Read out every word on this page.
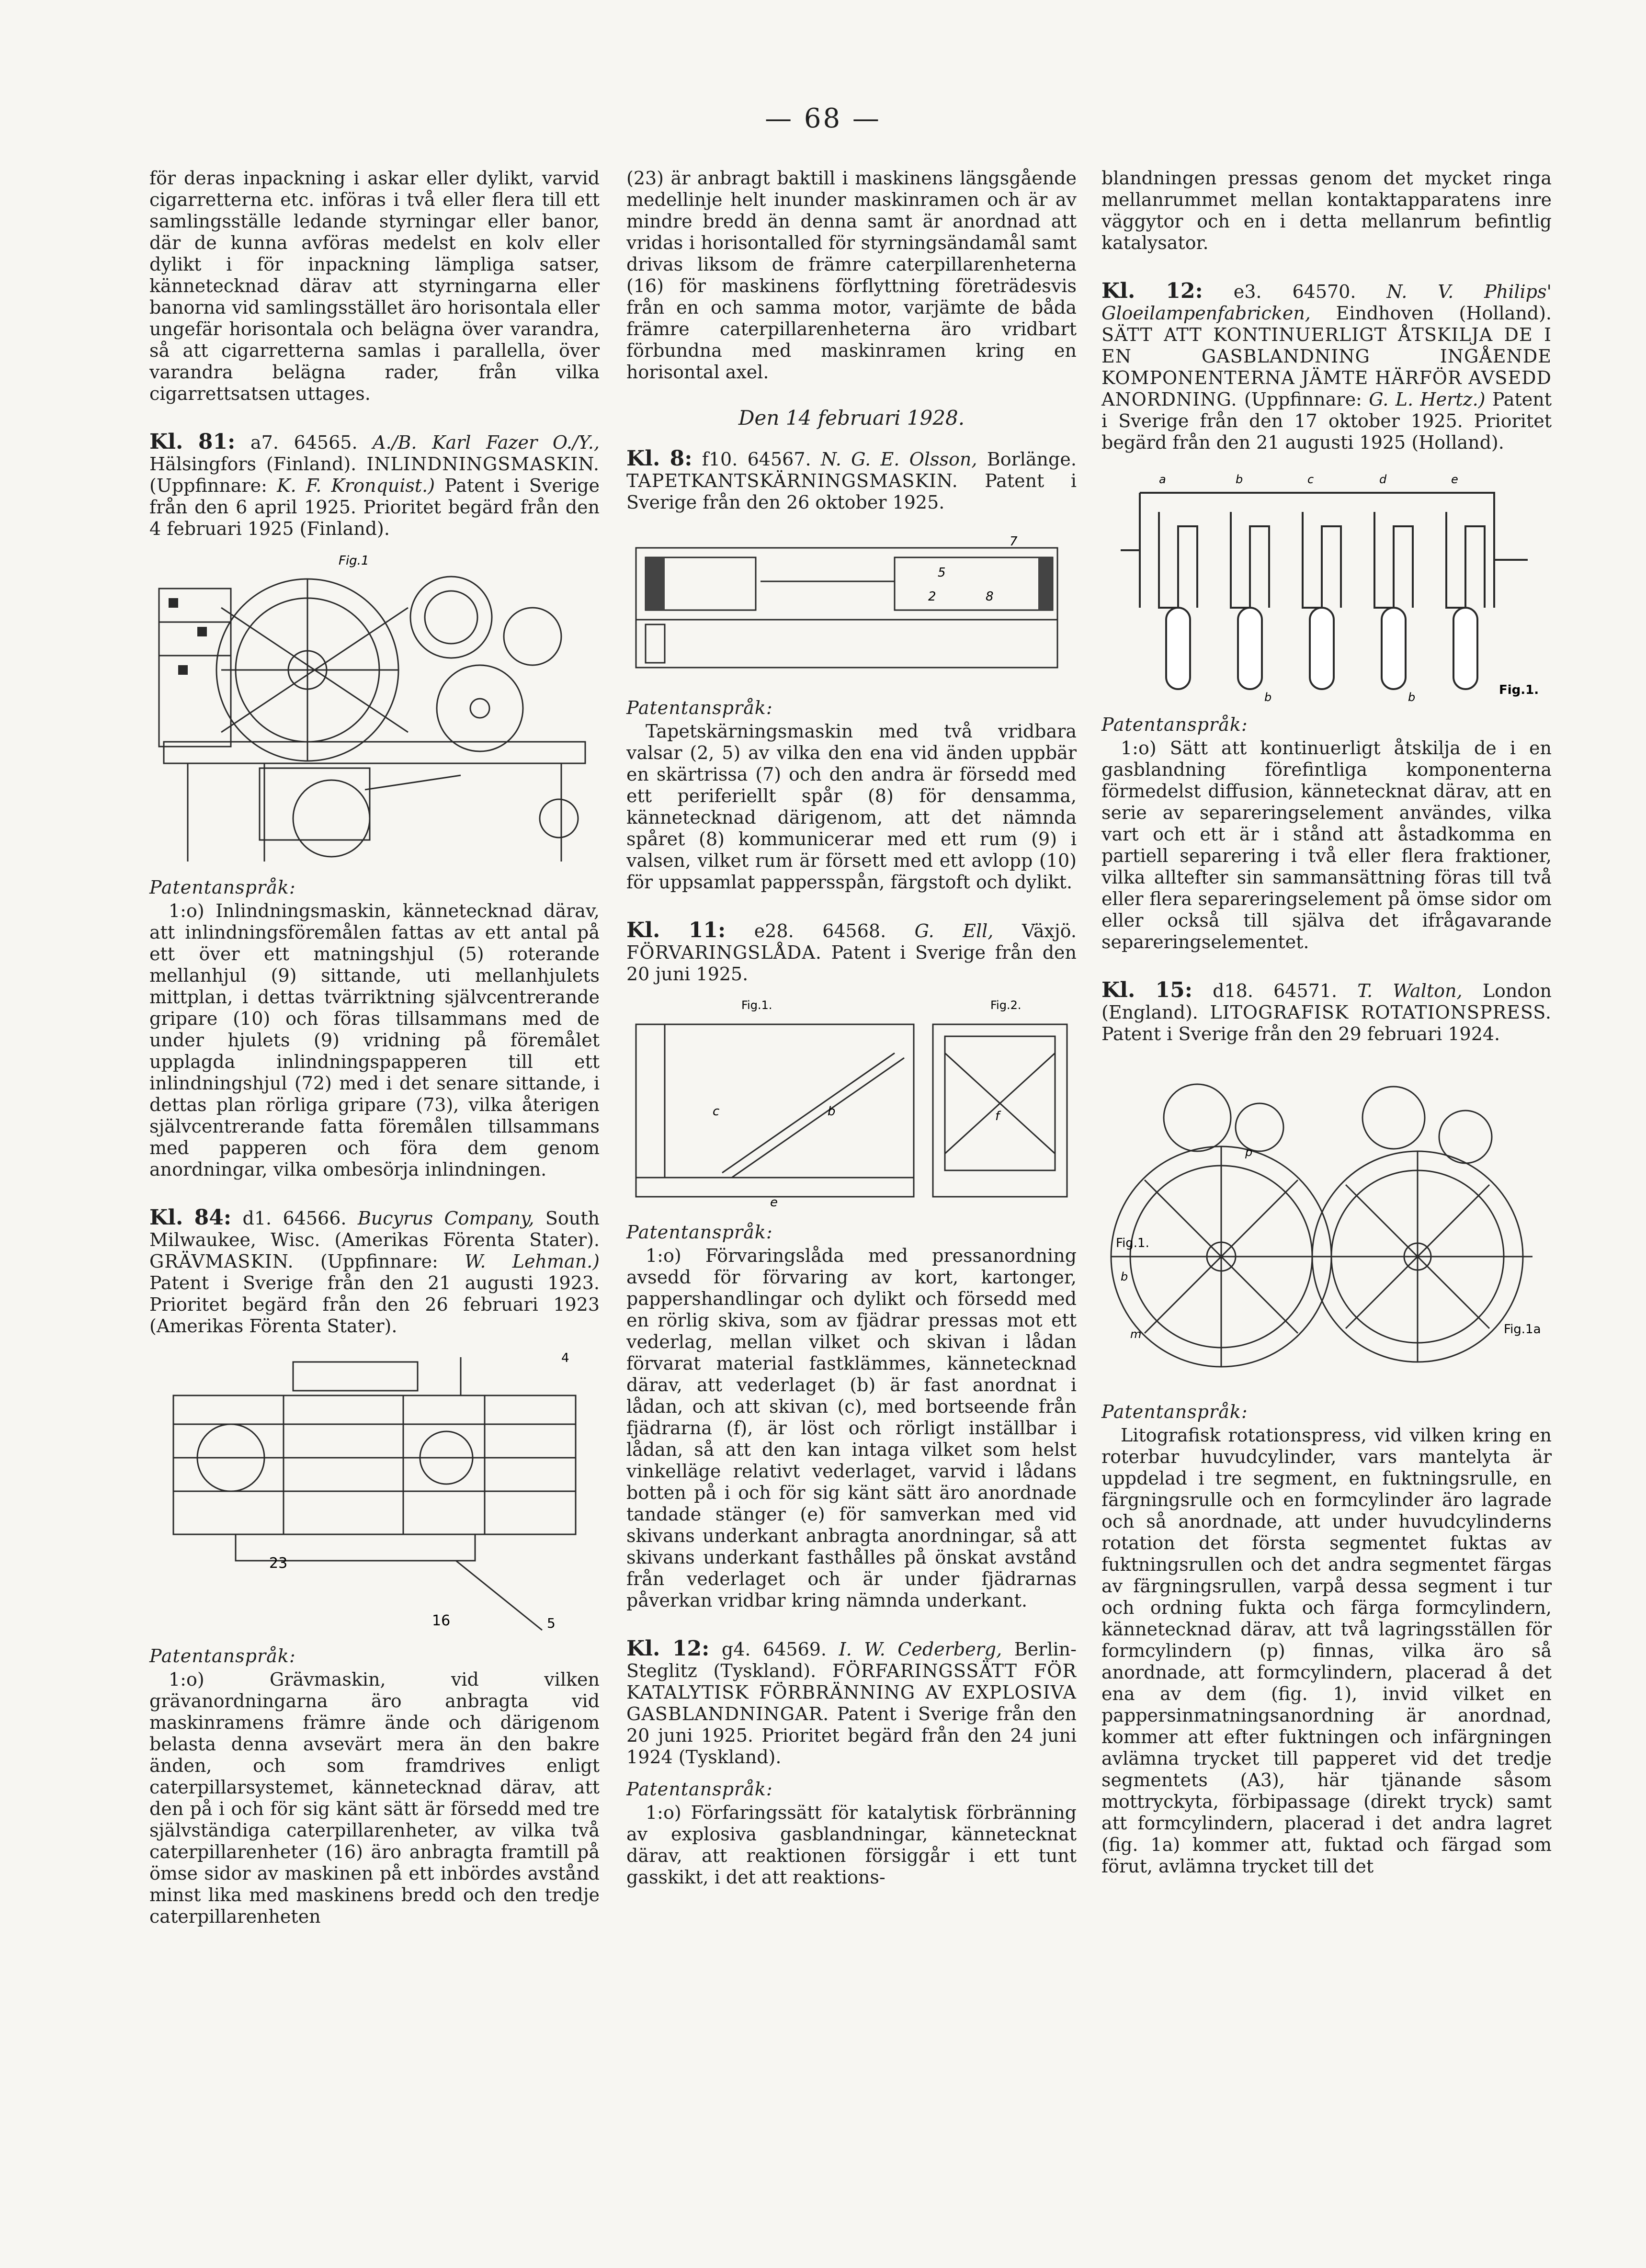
— 68 —

för deras inpackning i askar eller dylikt, varvid cigarretterna etc. införas i två eller flera till ett samlingsställe ledande styrningar eller banor, där de kunna avföras medelst en kolv eller dylikt i för inpackning lämpliga satser, kännetecknad därav att styrningarna eller banorna vid samlingsstället äro horisontala eller ungefär horisontala och belägna över varandra, så att cigarretterna samlas i parallella, över varandra belägna rader, från vilka cigarrettsatsen uttages.

Kl. 81: a7. 64565. A./B. Karl Fazer O./Y., Hälsingfors (Finland). INLINDNINGSMASKIN. (Uppfinnare: K. F. Kronquist.) Patent i Sverige från den 6 april 1925. Prioritet begärd från den 4 februari 1925 (Finland).

Fig.1

Patentanspråk:

1:o) Inlindningsmaskin, kännetecknad därav, att inlindningsföremålen fattas av ett antal på ett över ett matningshjul (5) roterande mellanhjul (9) sittande, uti mellanhjulets mittplan, i dettas tvärriktning självcentrerande gripare (10) och föras tillsammans med de under hjulets (9) vridning på föremålet upplagda inlindningspapperen till ett inlindningshjul (72) med i det senare sittande, i dettas plan rörliga gripare (73), vilka återigen självcentrerande fatta föremålen tillsammans med papperen och föra dem genom anordningar, vilka ombesörja inlindningen.

Kl. 84: d1. 64566. Bucyrus Company, South Milwaukee, Wisc. (Amerikas Förenta Stater). GRÄVMASKIN. (Uppfinnare: W. Lehman.) Patent i Sverige från den 21 augusti 1923. Prioritet begärd från den 26 februari 1923 (Amerikas Förenta Stater).

23
16	5
4

Patentanspråk:

1:o) Grävmaskin, vid vilken grävanordningarna äro anbragta vid maskinramens främre ände och därigenom belasta denna avsevärt mera än den bakre änden, och som framdrives enligt caterpillarsystemet, kännetecknad därav, att den på i och för sig känt sätt är försedd med tre självständiga caterpillarenheter, av vilka två caterpillarenheter (16) äro anbragta framtill på ömse sidor av maskinen på ett inbördes avstånd minst lika med maskinens bredd och den tredje caterpillarenheten

(23) är anbragt baktill i maskinens längsgående medellinje helt inunder maskinramen och är av mindre bredd än denna samt är anordnad att vridas i horisontalled för styrningsändamål samt drivas liksom de främre caterpillarenheterna (16) för maskinens förflyttning företrädesvis från en och samma motor, varjämte de båda främre caterpillarenheterna äro vridbart förbundna med maskinramen kring en horisontal axel.

Den 14 februari 1928.

Kl. 8: f10. 64567. N. G. E. Olsson, Borlänge. TAPETKANTSKÄRNINGSMASKIN. Patent i Sverige från den 26 oktober 1925.

5
2
7
8

Patentanspråk:

Tapetskärningsmaskin med två vridbara valsar (2, 5) av vilka den ena vid änden uppbär en skärtrissa (7) och den andra är försedd med ett periferiellt spår (8) för densamma, kännetecknad därigenom, att det nämnda spåret (8) kommunicerar med ett rum (9) i valsen, vilket rum är försett med ett avlopp (10) för uppsamlat pappersspån, färgstoft och dylikt.

Kl. 11: e28. 64568. G. Ell, Växjö. FÖRVARINGSLÅDA. Patent i Sverige från den 20 juni 1925.

Fig.1.	Fig.2.
c	b
e
f

Patentanspråk:

1:o) Förvaringslåda med pressanordning avsedd för förvaring av kort, kartonger, pappershandlingar och dylikt och försedd med en rörlig skiva, som av fjädrar pressas mot ett vederlag, mellan vilket och skivan i lådan förvarat material fastklämmes, kännetecknad därav, att vederlaget (b) är fast anordnat i lådan, och att skivan (c), med bortseende från fjädrarna (f), är löst och rörligt inställbar i lådan, så att den kan intaga vilket som helst vinkelläge relativt vederlaget, varvid i lådans botten på i och för sig känt sätt äro anordnade tandade stänger (e) för samverkan med vid skivans underkant anbragta anordningar, så att skivans underkant fasthålles på önskat avstånd från vederlaget och är under fjädrarnas påverkan vridbar kring nämnda underkant.

Kl. 12: g4. 64569. I. W. Cederberg, Berlin-Steglitz (Tyskland). FÖRFARINGSSÄTT FÖR KATALYTISK FÖRBRÄNNING AV EXPLOSIVA GASBLANDNINGAR. Patent i Sverige från den 20 juni 1925. Prioritet begärd från den 24 juni 1924 (Tyskland).

Patentanspråk:

1:o) Förfaringssätt för katalytisk förbränning av explosiva gasblandningar, kännetecknat därav, att reaktionen försiggår i ett tunt gasskikt, i det att reaktions-

blandningen pressas genom det mycket ringa mellanrummet mellan kontaktapparatens inre väggytor och en i detta mellanrum befintlig katalysator.

Kl. 12: e3. 64570. N. V. Philips' Gloeilampenfabricken, Eindhoven (Holland). SÄTT ATT KONTINUERLIGT ÅTSKILJA DE I EN GASBLANDNING INGÅENDE KOMPONENTERNA JÄMTE HÄRFÖR AVSEDD ANORDNING. (Uppfinnare: G. L. Hertz.) Patent i Sverige från den 17 oktober 1925. Prioritet begärd från den 21 augusti 1925 (Holland).

a	b	c	d	e
b	b	Fig.1.

Patentanspråk:

1:o) Sätt att kontinuerligt åtskilja de i en gasblandning förefintliga komponenterna förmedelst diffusion, kännetecknat därav, att en serie av separeringselement användes, vilka vart och ett är i stånd att åstadkomma en partiell separering i två eller flera fraktioner, vilka alltefter sin sammansättning föras till två eller flera separeringselement på ömse sidor om eller också till själva det ifrågavarande separeringselementet.

Kl. 15: d18. 64571. T. Walton, London (England). LITOGRAFISK ROTATIONSPRESS. Patent i Sverige från den 29 februari 1924.

Fig.1.
Fig.1a
b
m
p

Patentanspråk:

Litografisk rotationspress, vid vilken kring en roterbar huvudcylinder, vars mantelyta är uppdelad i tre segment, en fuktningsrulle, en färgningsrulle och en formcylinder äro lagrade och så anordnade, att under huvudcylinderns rotation det första segmentet fuktas av fuktningsrullen och det andra segmentet färgas av färgningsrullen, varpå dessa segment i tur och ordning fukta och färga formcylindern, kännetecknad därav, att två lagringsställen för formcylindern (p) finnas, vilka äro så anordnade, att formcylindern, placerad å det ena av dem (fig. 1), invid vilket en pappersinmatningsanordning är anordnad, kommer att efter fuktningen och infärgningen avlämna trycket till papperet vid det tredje segmentets (A3), här tjänande såsom mottryckyta, förbipassage (direkt tryck) samt att formcylindern, placerad i det andra lagret (fig. 1a) kommer att, fuktad och färgad som förut, avlämna trycket till det
